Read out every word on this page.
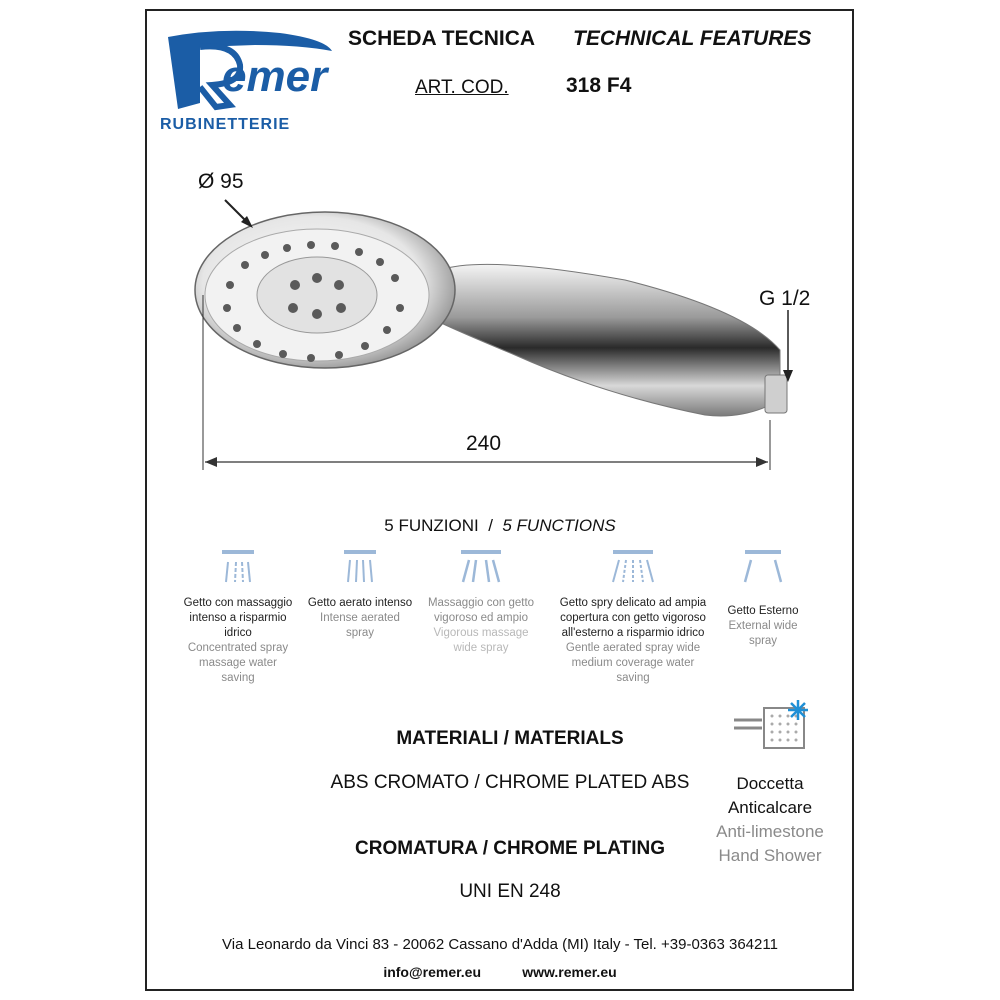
emer
RUBINETTERIE
SCHEDA TECNICA TECHNICAL FEATURES
ART. COD.	318 F4
Ø 95
G 1/2
240
5 FUNZIONI / 5 FUNCTIONS
Getto con massaggio
intenso a risparmio
idrico
Concentrated spray
massage water
saving
Getto aerato intenso
Intense aerated
spray
Massaggio con getto
vigoroso ed ampio
Vigorous massage
wide spray
Getto spry delicato ad ampia
copertura con getto vigoroso
all'esterno a risparmio idrico
Gentle aerated spray wide
medium coverage water
saving
Getto Esterno
External wide
spray
MATERIALI / MATERIALS
ABS CROMATO / CHROME PLATED ABS
CROMATURA / CHROME PLATING
UNI EN 248
Doccetta
Anticalcare
Anti-limestone
Hand Shower
Via Leonardo da Vinci 83 - 20062 Cassano d'Adda (MI) Italy - Tel. +39-0363 364211
info@remer.eu	www.remer.eu
